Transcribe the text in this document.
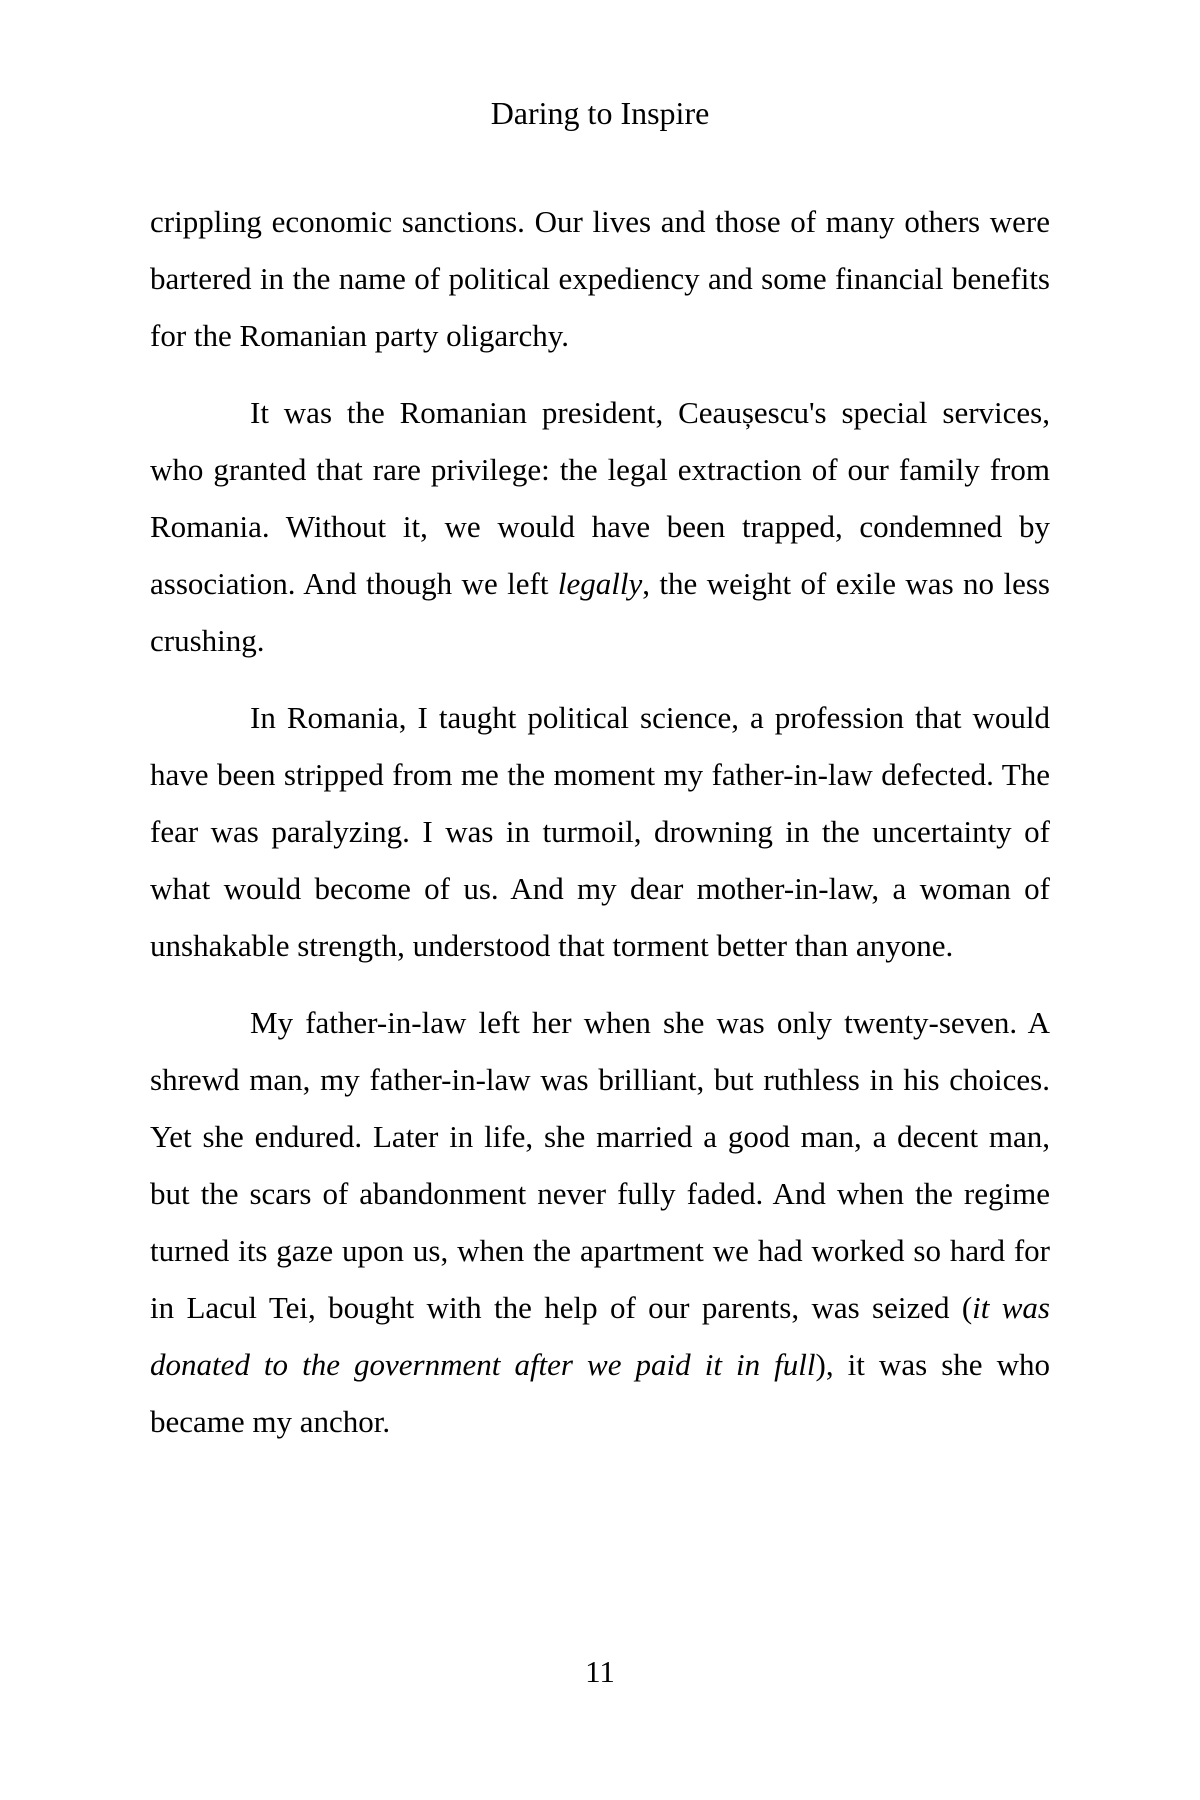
Daring to Inspire

crippling economic sanctions. Our lives and those of many others were bartered in the name of political expediency and some financial benefits for the Romanian party oligarchy.

It was the Romanian president, Ceaușescu's special services, who granted that rare privilege: the legal extraction of our family from Romania. Without it, we would have been trapped, condemned by association. And though we left legally, the weight of exile was no less crushing.

In Romania, I taught political science, a profession that would have been stripped from me the moment my father-in-law defected. The fear was paralyzing. I was in turmoil, drowning in the uncertainty of what would become of us. And my dear mother-in-law, a woman of unshakable strength, understood that torment better than anyone.

My father-in-law left her when she was only twenty-seven. A shrewd man, my father-in-law was brilliant, but ruthless in his choices. Yet she endured. Later in life, she married a good man, a decent man, but the scars of abandonment never fully faded. And when the regime turned its gaze upon us, when the apartment we had worked so hard for in Lacul Tei, bought with the help of our parents, was seized (it was donated to the government after we paid it in full), it was she who became my anchor.

11
